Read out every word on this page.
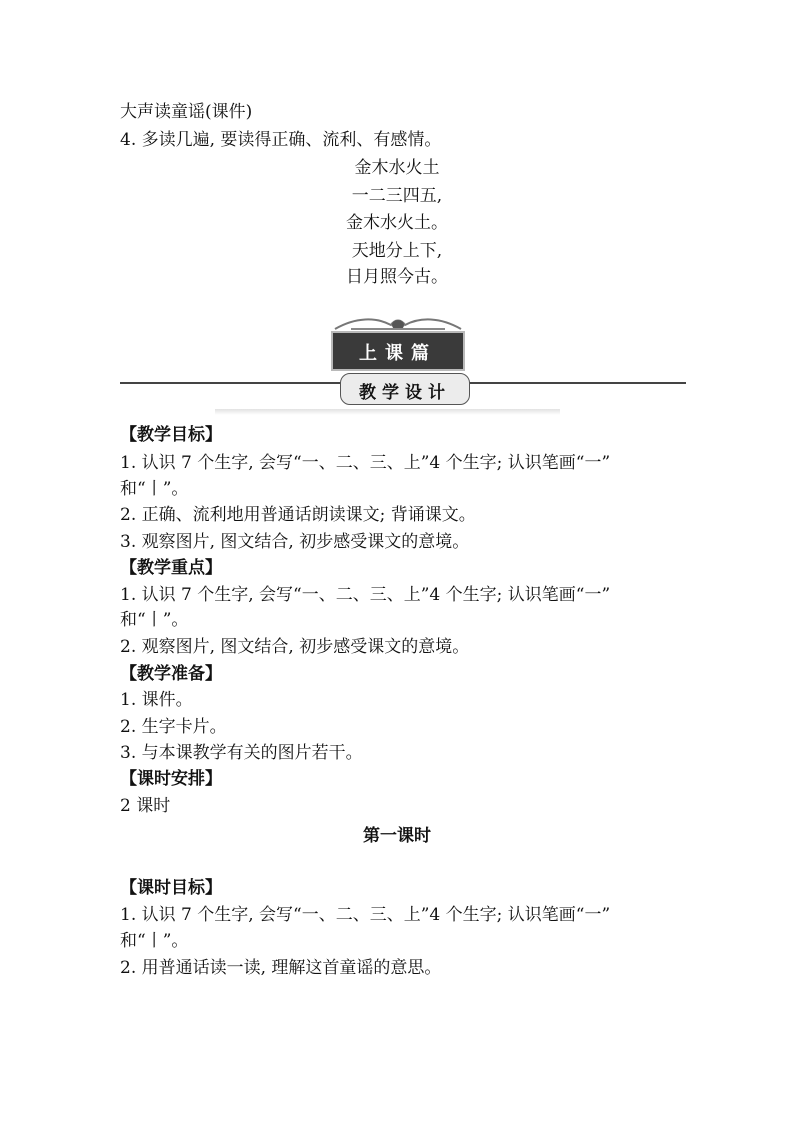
大声读童谣(课件)
4. 多读几遍, 要读得正确、流利、有感情。
金木水火土
一二三四五,
金木水火土。
天地分上下,
日月照今古。
上课篇
教学设计
【教学目标】
1. 认识 7 个生字, 会写“一、二、三、上”4 个生字; 认识笔画“一”
和“丨”。
2. 正确、流利地用普通话朗读课文; 背诵课文。
3. 观察图片, 图文结合, 初步感受课文的意境。
【教学重点】
1. 认识 7 个生字, 会写“一、二、三、上”4 个生字; 认识笔画“一”
和“丨”。
2. 观察图片, 图文结合, 初步感受课文的意境。
【教学准备】
1. 课件。
2. 生字卡片。
3. 与本课教学有关的图片若干。
【课时安排】
2 课时
第一课时
【课时目标】
1. 认识 7 个生字, 会写“一、二、三、上”4 个生字; 认识笔画“一”
和“丨”。
2. 用普通话读一读, 理解这首童谣的意思。
